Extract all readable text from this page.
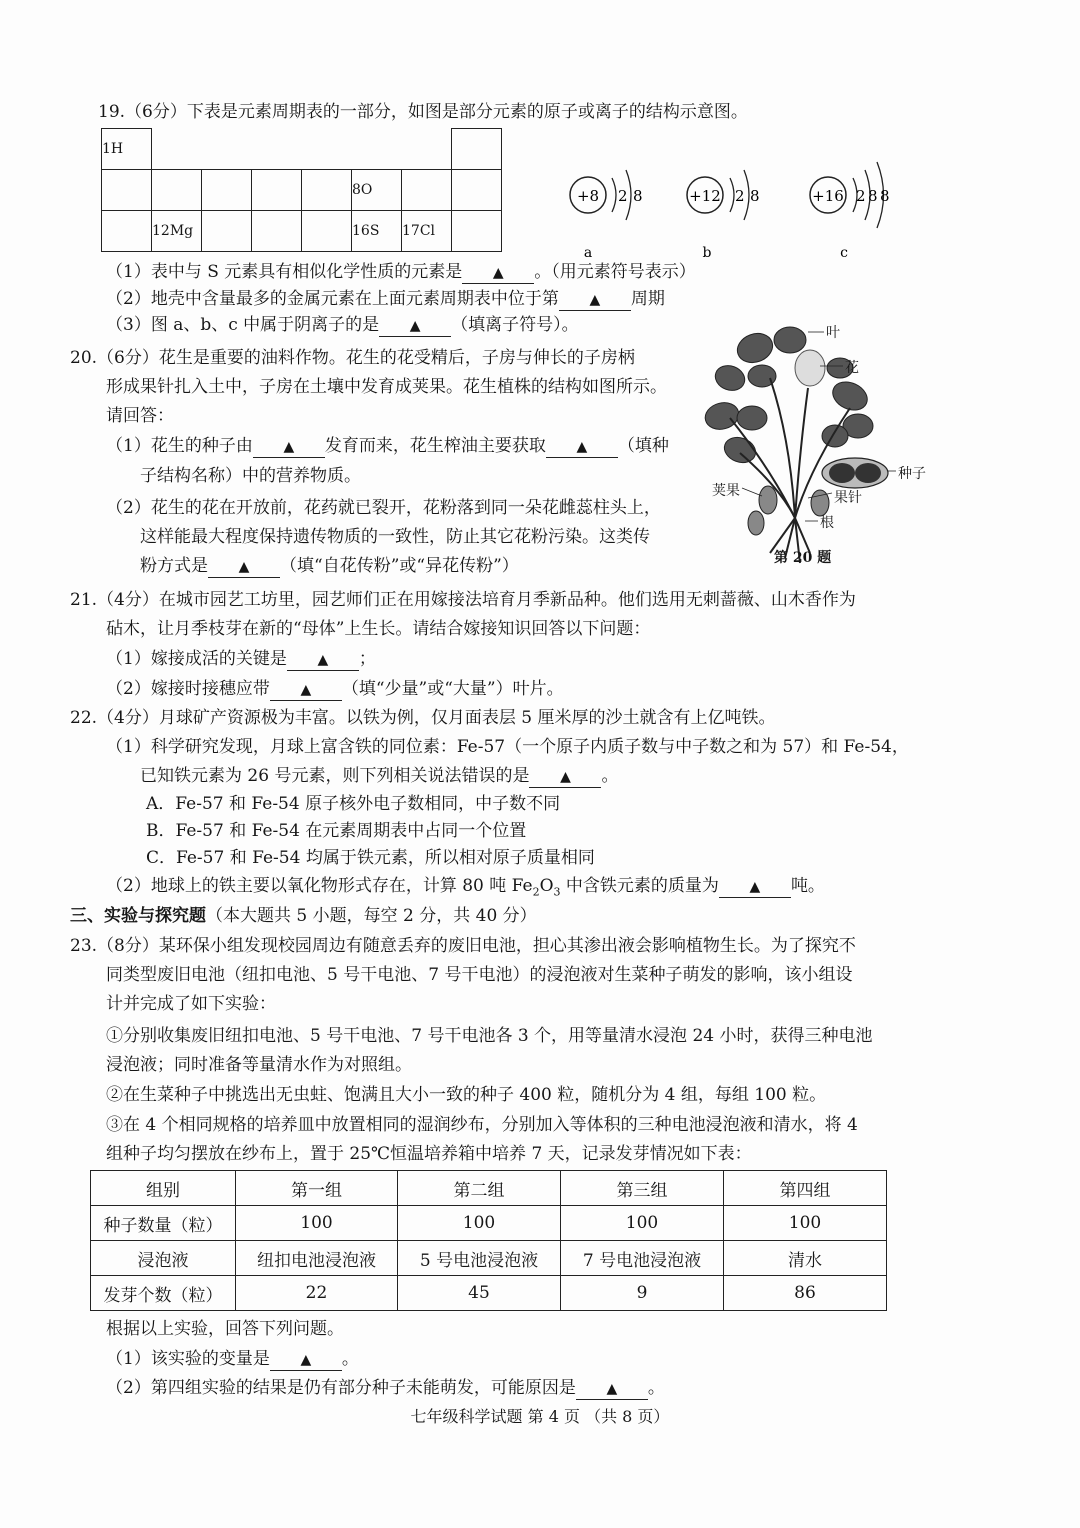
19.（6分）下表是元素周期表的一部分，如图是部分元素的原子或离子的结构示意图。
1H							
					8O		
	12Mg				16S	17Cl	
+8 2 8
a
+12 2 8
b
+16 2 8 8
c
（1）表中与 S 元素具有相似化学性质的元素是 ▲ 。（用元素符号表示）
（2）地壳中含量最多的金属元素在上面元素周期表中位于第 ▲ 周期
（3）图 a、b、c 中属于阴离子的是 ▲ （填离子符号）。
20.（6分）花生是重要的油料作物。花生的花受精后，子房与伸长的子房柄
形成果针扎入土中，子房在土壤中发育成荚果。花生植株的结构如图所示。
请回答：
（1）花生的种子由 ▲ 发育而来，花生榨油主要获取 ▲ （填种
子结构名称）中的营养物质。
（2）花生的花在开放前，花药就已裂开，花粉落到同一朵花雌蕊柱头上，
这样能最大程度保持遗传物质的一致性，防止其它花粉污染。这类传
粉方式是 ▲ （填“自花传粉”或“异花传粉”）
叶
花
种子
荚果	果针
根
第 20 题
21.（4分）在城市园艺工坊里，园艺师们正在用嫁接法培育月季新品种。他们选用无刺蔷薇、山木香作为
砧木，让月季枝芽在新的“母体”上生长。请结合嫁接知识回答以下问题：
（1）嫁接成活的关键是 ▲ ；
（2）嫁接时接穗应带 ▲ （填“少量”或“大量”）叶片。
22.（4分）月球矿产资源极为丰富。以铁为例，仅月面表层 5 厘米厚的沙土就含有上亿吨铁。
（1）科学研究发现，月球上富含铁的同位素：Fe-57（一个原子内质子数与中子数之和为 57）和 Fe-54，
已知铁元素为 26 号元素，则下列相关说法错误的是 ▲ 。
A．Fe-57 和 Fe-54 原子核外电子数相同，中子数不同
B．Fe-57 和 Fe-54 在元素周期表中占同一个位置
C．Fe-57 和 Fe-54 均属于铁元素，所以相对原子质量相同
（2）地球上的铁主要以氧化物形式存在，计算 80 吨 $Fe_2O_3$ 中含铁元素的质量为 ▲ 吨。
三、实验与探究题（本大题共 5 小题，每空 2 分，共 40 分）
23.（8分）某环保小组发现校园周边有随意丢弃的废旧电池，担心其渗出液会影响植物生长。为了探究不
同类型废旧电池（纽扣电池、5 号干电池、7 号干电池）的浸泡液对生菜种子萌发的影响，该小组设
计并完成了如下实验：
①分别收集废旧纽扣电池、5 号干电池、7 号干电池各 3 个，用等量清水浸泡 24 小时，获得三种电池
浸泡液；同时准备等量清水作为对照组。
②在生菜种子中挑选出无虫蛀、饱满且大小一致的种子 400 粒，随机分为 4 组，每组 100 粒。
③在 4 个相同规格的培养皿中放置相同的湿润纱布，分别加入等体积的三种电池浸泡液和清水，将 4
组种子均匀摆放在纱布上，置于 25℃恒温培养箱中培养 7 天，记录发芽情况如下表：
组别	第一组	第二组	第三组	第四组
种子数量（粒）	100	100	100	100
浸泡液	纽扣电池浸泡液	5 号电池浸泡液	7 号电池浸泡液	清水
发芽个数（粒）	22	45	9	86
根据以上实验，回答下列问题。
（1）该实验的变量是 ▲ 。
（2）第四组实验的结果是仍有部分种子未能萌发，可能原因是 ▲ 。
七年级科学试题 第 4 页 （共 8 页）
